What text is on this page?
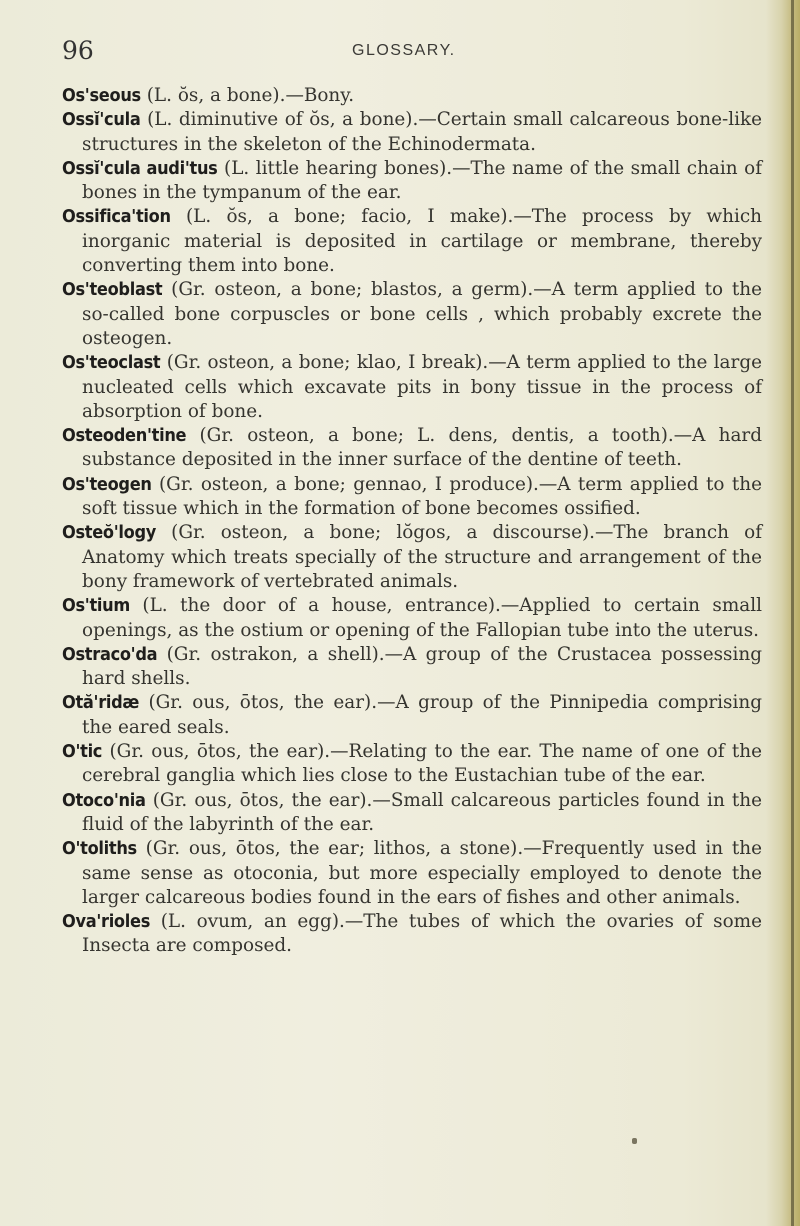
96	GLOSSARY.

Os'seous (L. ŏs, a bone).—Bony.

Ossĭ'cula (L. diminutive of ŏs, a bone).—Certain small calcareous bone-like structures in the skeleton of the Echinodermata.

Ossĭ'cula audi'tus (L. little hearing bones).—The name of the small chain of bones in the tympanum of the ear.

Ossifica'tion (L. ŏs, a bone; facio, I make).—The process by which inorganic material is deposited in cartilage or membrane, thereby converting them into bone.

Os'teoblast (Gr. osteon, a bone; blastos, a germ).—A term applied to the so-called bone corpuscles or bone cells , which probably excrete the osteogen.

Os'teoclast (Gr. osteon, a bone; klao, I break).—A term applied to the large nucleated cells which excavate pits in bony tissue in the process of absorption of bone.

Osteoden'tine (Gr. osteon, a bone; L. dens, dentis, a tooth).—A hard substance deposited in the inner surface of the dentine of teeth.

Os'teogen (Gr. osteon, a bone; gennao, I produce).—A term applied to the soft tissue which in the formation of bone becomes ossified.

Osteŏ'logy (Gr. osteon, a bone; lŏgos, a discourse).—The branch of Anatomy which treats specially of the structure and arrangement of the bony framework of vertebrated animals.

Os'tium (L. the door of a house, entrance).—Applied to certain small openings, as the ostium or opening of the Fallopian tube into the uterus.

Ostraco'da (Gr. ostrakon, a shell).—A group of the Crustacea possessing hard shells.

Otă'ridæ (Gr. ous, ōtos, the ear).—A group of the Pinnipedia comprising the eared seals.

O'tic (Gr. ous, ōtos, the ear).—Relating to the ear. The name of one of the cerebral ganglia which lies close to the Eustachian tube of the ear.

Otoco'nia (Gr. ous, ōtos, the ear).—Small calcareous particles found in the fluid of the labyrinth of the ear.

O'toliths (Gr. ous, ōtos, the ear; lithos, a stone).—Frequently used in the same sense as otoconia, but more especially employed to denote the larger calcareous bodies found in the ears of fishes and other animals.

Ova'rioles (L. ovum, an egg).—The tubes of which the ovaries of some Insecta are composed.
